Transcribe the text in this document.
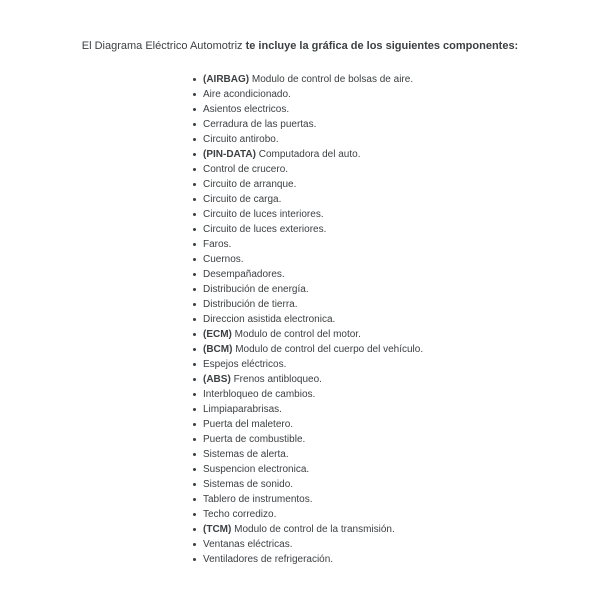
El Diagrama Eléctrico Automotriz te incluye la gráfica de los siguientes componentes:
(AIRBAG) Modulo de control de bolsas de aire.
Aire acondicionado.
Asientos electricos.
Cerradura de las puertas.
Circuito antirobo.
(PIN-DATA) Computadora del auto.
Control de crucero.
Circuito de arranque.
Circuito de carga.
Circuito de luces interiores.
Circuito de luces exteriores.
Faros.
Cuernos.
Desempañadores.
Distribución de energía.
Distribución de tierra.
Direccion asistida electronica.
(ECM) Modulo de control del motor.
(BCM) Modulo de control del cuerpo del vehículo.
Espejos eléctricos.
(ABS) Frenos antibloqueo.
Interbloqueo de cambios.
Limpiaparabrisas.
Puerta del maletero.
Puerta de combustible.
Sistemas de alerta.
Suspencion electronica.
Sistemas de sonido.
Tablero de instrumentos.
Techo corredizo.
(TCM) Modulo de control de la transmisión.
Ventanas eléctricas.
Ventiladores de refrigeración.
